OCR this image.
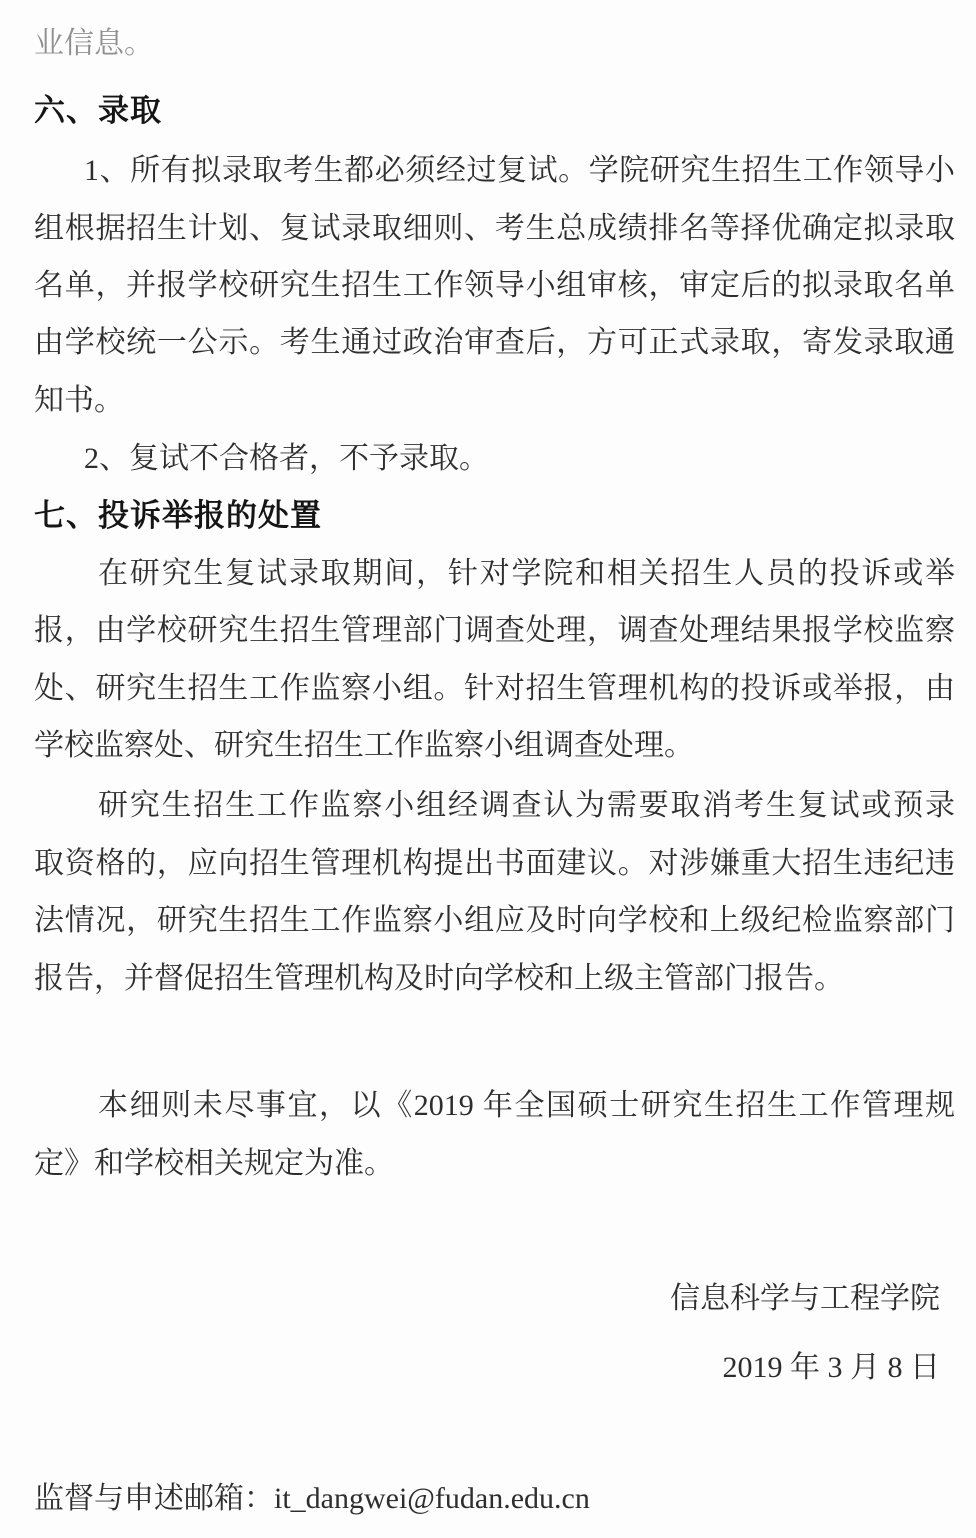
业信息。
六、录取
1、所有拟录取考生都必须经过复试。学院研究生招生工作领导小
组根据招生计划、复试录取细则、考生总成绩排名等择优确定拟录取
名单，并报学校研究生招生工作领导小组审核，审定后的拟录取名单
由学校统一公示。考生通过政治审查后，方可正式录取，寄发录取通
知书。
2、复试不合格者，不予录取。
七、投诉举报的处置
在研究生复试录取期间，针对学院和相关招生人员的投诉或举
报，由学校研究生招生管理部门调查处理，调查处理结果报学校监察
处、研究生招生工作监察小组。针对招生管理机构的投诉或举报，由
学校监察处、研究生招生工作监察小组调查处理。
研究生招生工作监察小组经调查认为需要取消考生复试或预录
取资格的，应向招生管理机构提出书面建议。对涉嫌重大招生违纪违
法情况，研究生招生工作监察小组应及时向学校和上级纪检监察部门
报告，并督促招生管理机构及时向学校和上级主管部门报告。
本细则未尽事宜，以《2019 年全国硕士研究生招生工作管理规
定》和学校相关规定为准。
信息科学与工程学院
2019 年 3 月 8 日
监督与申述邮箱：it_dangwei@fudan.edu.cn
